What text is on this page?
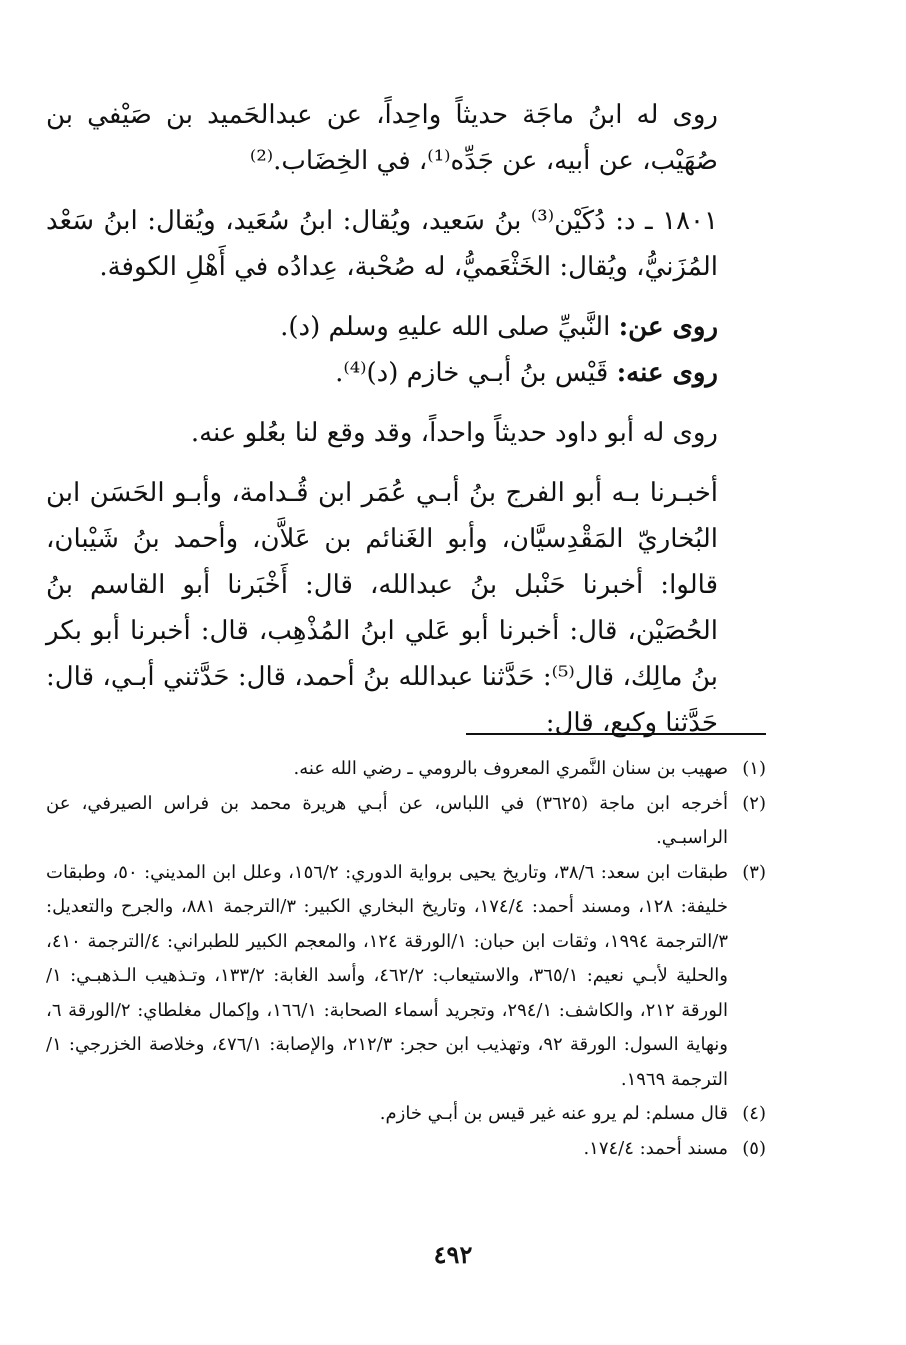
روى له ابنُ ماجَة حديثاً واحِداً، عن عبدالحَميد بن صَيْفي بن صُهَيْب، عن أبيه، عن جَدِّه⁽¹⁾، في الخِضَاب.⁽²⁾

١٨٠١ ـ د: دُكَيْن⁽³⁾ بنُ سَعيد، ويُقال: ابنُ سُعَيد، ويُقال: ابنُ سَعْد المُزَنيُّ، ويُقال: الخَثْعَميُّ، له صُحْبة، عِدادُه في أَهْلِ الكوفة.

روى عن: النَّبيِّ صلى الله عليهِ وسلم (د).

روى عنه: قَيْس بنُ أبـي خازم (د)⁽⁴⁾.

روى له أبو داود حديثاً واحداً، وقد وقع لنا بعُلو عنه.

أخبـرنا بـه أبو الفرج بنُ أبـي عُمَر ابن قُـدامة، وأبـو الحَسَن ابن البُخاريّ المَقْدِسيَّان، وأبو الغَنائم بن عَلاَّن، وأحمد بنُ شَيْبان، قالوا: أخبرنا حَنْبل بنُ عبدالله، قال: أَخْبَرنا أبو القاسم بنُ الحُصَيْن، قال: أخبرنا أبو عَلي ابنُ المُذْهِب، قال: أخبرنا أبو بكر بنُ مالِك، قال⁽⁵⁾: حَدَّثنا عبدالله بنُ أحمد، قال: حَدَّثني أبـي، قال: حَدَّثنا وكيع، قال:

(١)
صهيب بن سنان النَّمري المعروف بالرومي ـ رضي الله عنه.
(٢)
أخرجه ابن ماجة (٣٦٢٥) في اللباس، عن أبـي هريرة محمد بن فراس الصيرفي، عن الراسبـي.
(٣)
طبقات ابن سعد: ٣٨/٦، وتاريخ يحيى برواية الدوري: ١٥٦/٢، وعلل ابن المديني: ٥٠، وطبقات خليفة: ١٢٨، ومسند أحمد: ١٧٤/٤، وتاريخ البخاري الكبير: ٣/الترجمة ٨٨١، والجرح والتعديل: ٣/الترجمة ١٩٩٤، وثقات ابن حبان: ١/الورقة ١٢٤، والمعجم الكبير للطبراني: ٤/الترجمة ٤١٠، والحلية لأبـي نعيم: ٣٦٥/١، والاستيعاب: ٤٦٢/٢، وأسد الغابة: ١٣٣/٢، وتـذهيب الـذهبـي: ١/الورقة ٢١٢، والكاشف: ٢٩٤/١، وتجريد أسماء الصحابة: ١٦٦/١، وإكمال مغلطاي: ٢/الورقة ٦، ونهاية السول: الورقة ٩٢، وتهذيب ابن حجر: ٢١٢/٣، والإصابة: ٤٧٦/١، وخلاصة الخزرجي: ١/ الترجمة ١٩٦٩.
(٤)
قال مسلم: لم يرو عنه غير قيس بن أبـي خازم.
(٥)
مسند أحمد: ١٧٤/٤.
٤٩٢
